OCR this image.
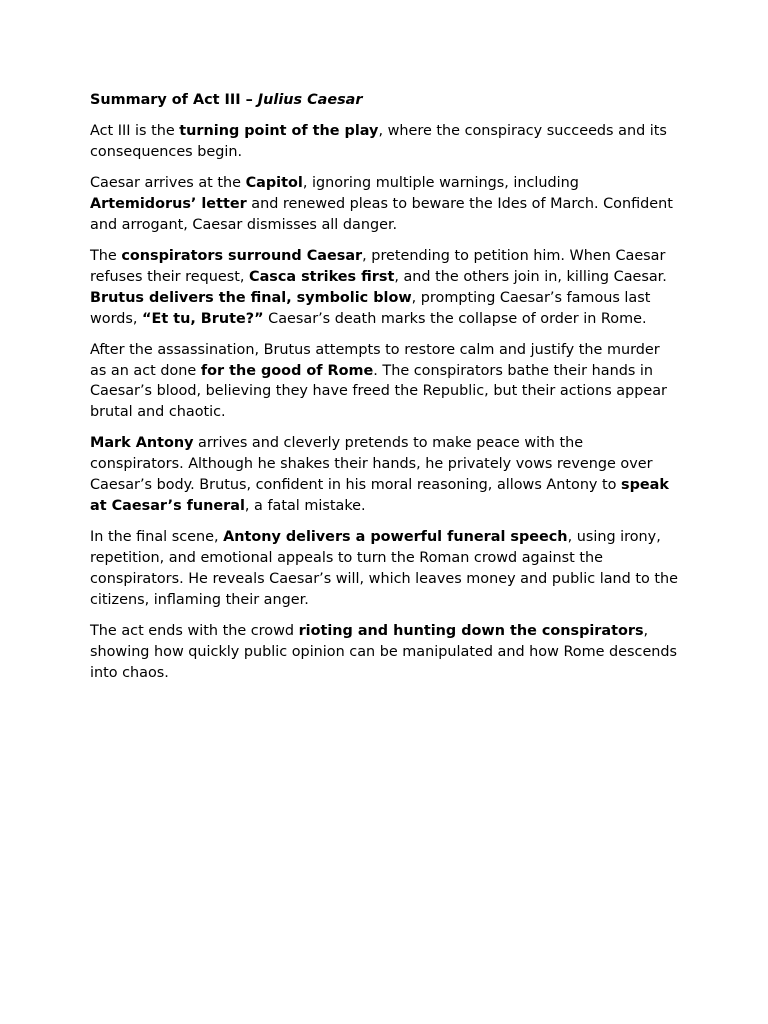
Summary of Act III – Julius Caesar

Act III is the turning point of the play, where the conspiracy succeeds and its consequences begin.

Caesar arrives at the Capitol, ignoring multiple warnings, including Artemidorus’ letter and renewed pleas to beware the Ides of March. Confident and arrogant, Caesar dismisses all danger.

The conspirators surround Caesar, pretending to petition him. When Caesar refuses their request, Casca strikes first, and the others join in, killing Caesar. Brutus delivers the final, symbolic blow, prompting Caesar’s famous last words, “Et tu, Brute?” Caesar’s death marks the collapse of order in Rome.

After the assassination, Brutus attempts to restore calm and justify the murder as an act done for the good of Rome. The conspirators bathe their hands in Caesar’s blood, believing they have freed the Republic, but their actions appear brutal and chaotic.

Mark Antony arrives and cleverly pretends to make peace with the conspirators. Although he shakes their hands, he privately vows revenge over Caesar’s body. Brutus, confident in his moral reasoning, allows Antony to speak at Caesar’s funeral, a fatal mistake.

In the final scene, Antony delivers a powerful funeral speech, using irony, repetition, and emotional appeals to turn the Roman crowd against the conspirators. He reveals Caesar’s will, which leaves money and public land to the citizens, inflaming their anger.

The act ends with the crowd rioting and hunting down the conspirators, showing how quickly public opinion can be manipulated and how Rome descends into chaos.
